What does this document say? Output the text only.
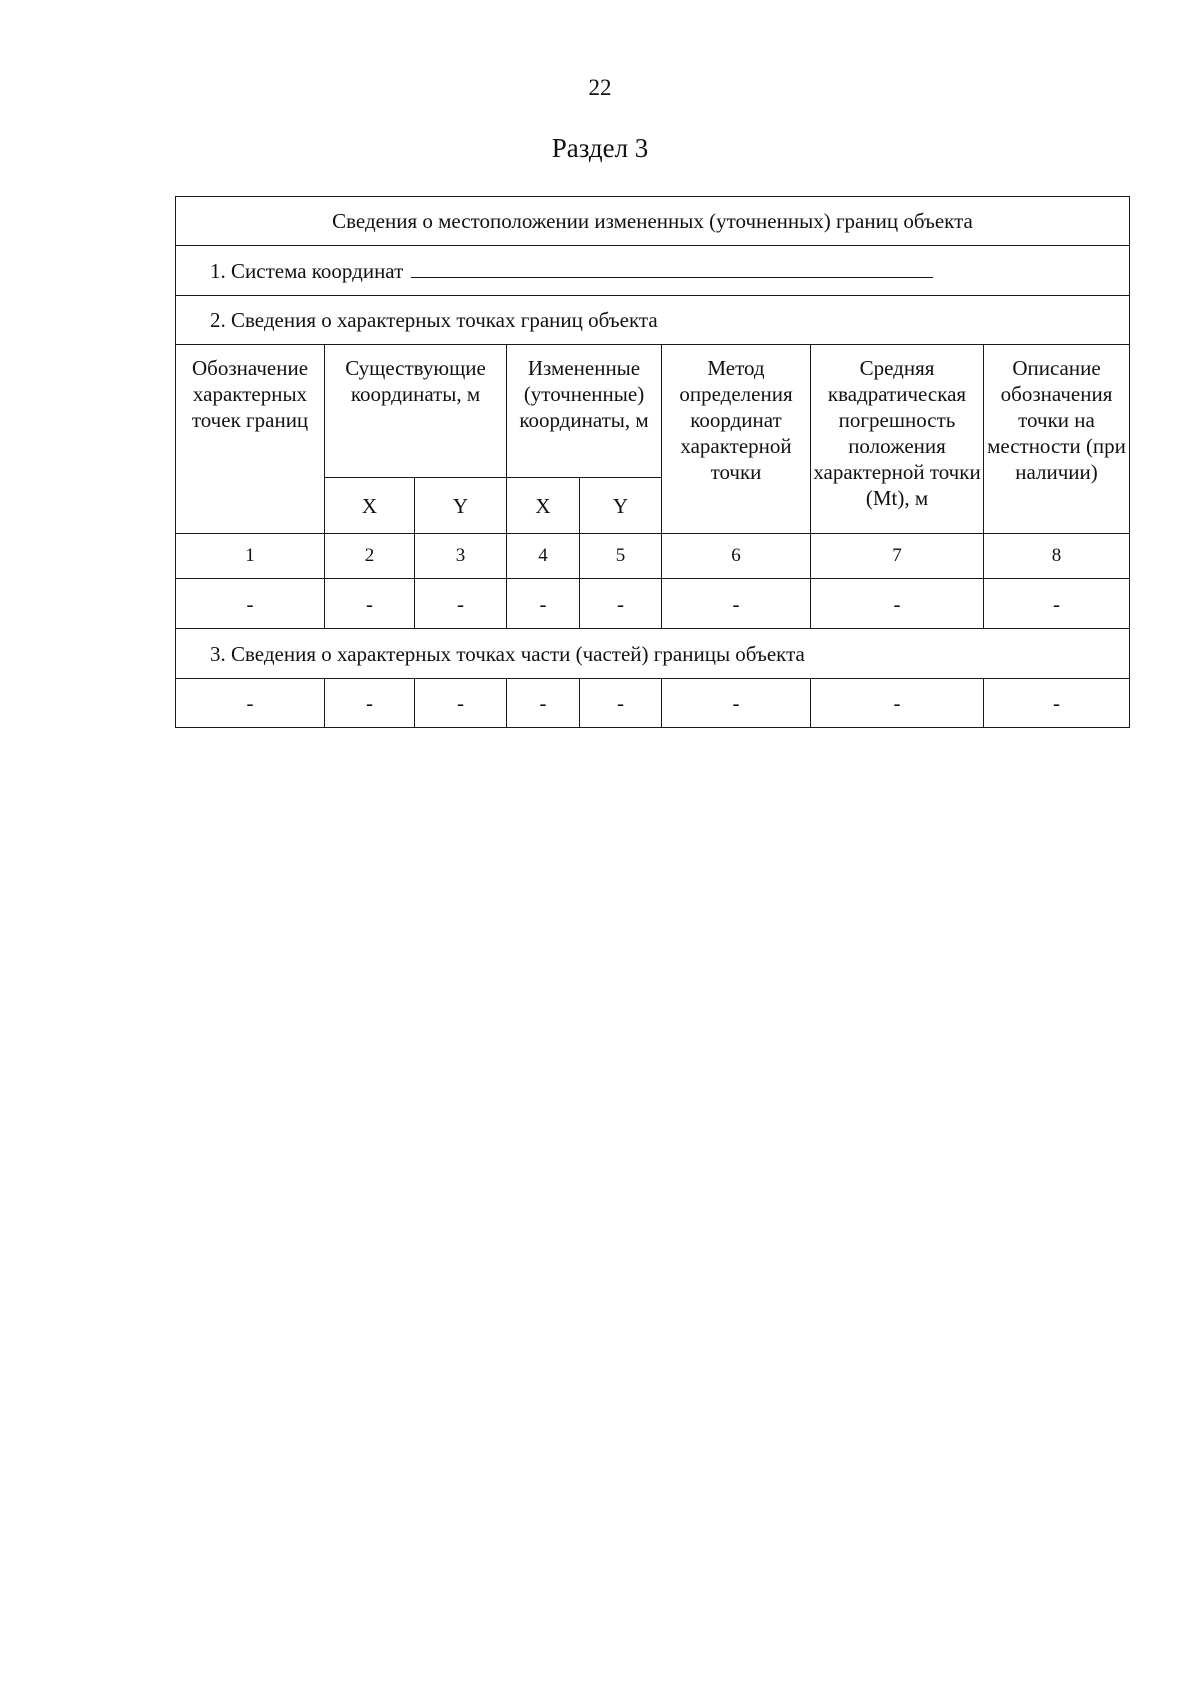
22
Раздел 3
Сведения о местоположении измененных (уточненных) границ объекта							
1. Система координат							
2. Сведения о характерных точках границ объекта							
Обозначение характерных точек границ	Существующие координаты, м		Измененные (уточненные) координаты, м		Метод определения координат характерной точки	Средняя квадратическая погрешность положения характерной точки (Mt), м	Описание обозначения точки на местности (при наличии)
	X	Y	X	Y			
1	2	3	4	5	6	7	8
-	-	-	-	-	-	-	-
3. Сведения о характерных точках части (частей) границы объекта							
-	-	-	-	-	-	-	-
